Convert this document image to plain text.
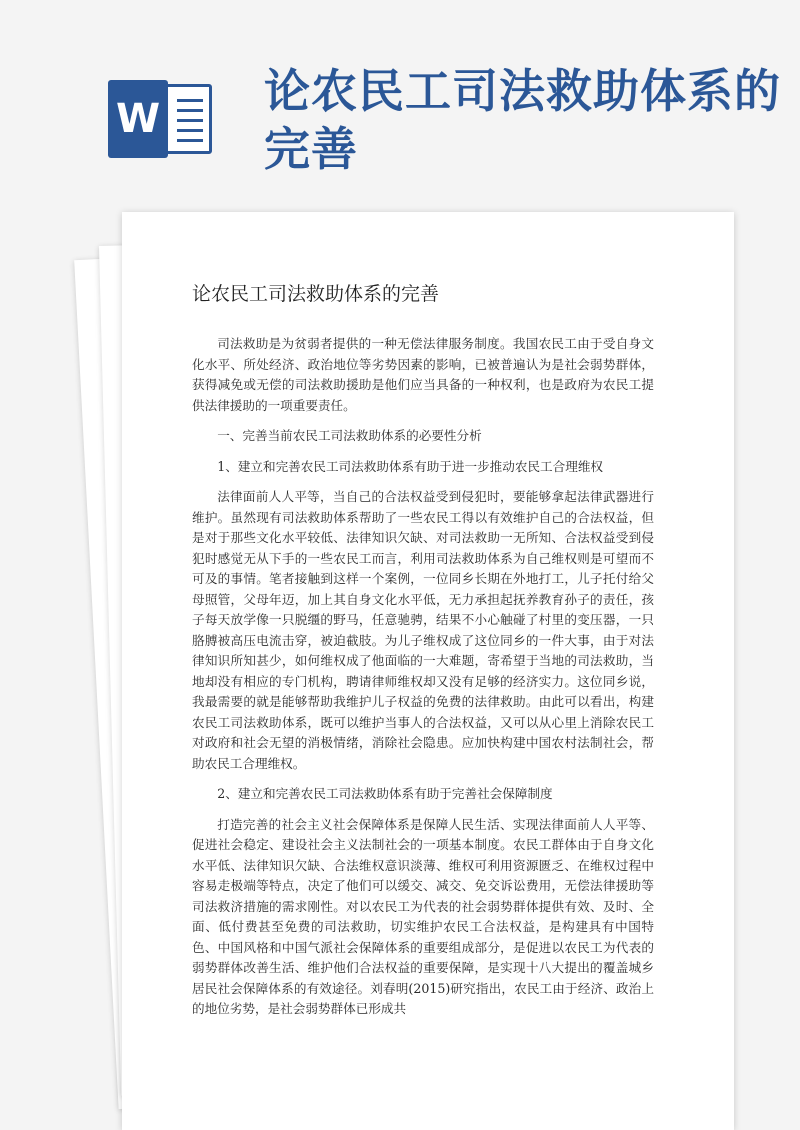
W
论农民工司法救助体系的完善
论农民工司法救助体系的完善

司法救助是为贫弱者提供的一种无偿法律服务制度。我国农民工由于受自身文化水平、所处经济、政治地位等劣势因素的影响，已被普遍认为是社会弱势群体，获得减免或无偿的司法救助援助是他们应当具备的一种权利，也是政府为农民工提供法律援助的一项重要责任。

一、完善当前农民工司法救助体系的必要性分析

1、建立和完善农民工司法救助体系有助于进一步推动农民工合理维权

法律面前人人平等，当自己的合法权益受到侵犯时，要能够拿起法律武器进行维护。虽然现有司法救助体系帮助了一些农民工得以有效维护自己的合法权益，但是对于那些文化水平较低、法律知识欠缺、对司法救助一无所知、合法权益受到侵犯时感觉无从下手的一些农民工而言，利用司法救助体系为自己维权则是可望而不可及的事情。笔者接触到这样一个案例，一位同乡长期在外地打工，儿子托付给父母照管，父母年迈，加上其自身文化水平低，无力承担起抚养教育孙子的责任，孩子每天放学像一只脱缰的野马，任意驰骋，结果不小心触碰了村里的变压器，一只胳膊被高压电流击穿，被迫截肢。为儿子维权成了这位同乡的一件大事，由于对法律知识所知甚少，如何维权成了他面临的一大难题，寄希望于当地的司法救助，当地却没有相应的专门机构，聘请律师维权却又没有足够的经济实力。这位同乡说，我最需要的就是能够帮助我维护儿子权益的免费的法律救助。由此可以看出，构建农民工司法救助体系，既可以维护当事人的合法权益，又可以从心里上消除农民工对政府和社会无望的消极情绪，消除社会隐患。应加快构建中国农村法制社会，帮助农民工合理维权。

2、建立和完善农民工司法救助体系有助于完善社会保障制度

打造完善的社会主义社会保障体系是保障人民生活、实现法律面前人人平等、促进社会稳定、建设社会主义法制社会的一项基本制度。农民工群体由于自身文化水平低、法律知识欠缺、合法维权意识淡薄、维权可利用资源匮乏、在维权过程中容易走极端等特点，决定了他们可以缓交、减交、免交诉讼费用，无偿法律援助等司法救济措施的需求刚性。对以农民工为代表的社会弱势群体提供有效、及时、全面、低付费甚至免费的司法救助，切实维护农民工合法权益，是构建具有中国特色、中国风格和中国气派社会保障体系的重要组成部分，是促进以农民工为代表的弱势群体改善生活、维护他们合法权益的重要保障，是实现十八大提出的覆盖城乡居民社会保障体系的有效途径。刘春明(2015)研究指出，农民工由于经济、政治上的地位劣势，是社会弱势群体已形成共
